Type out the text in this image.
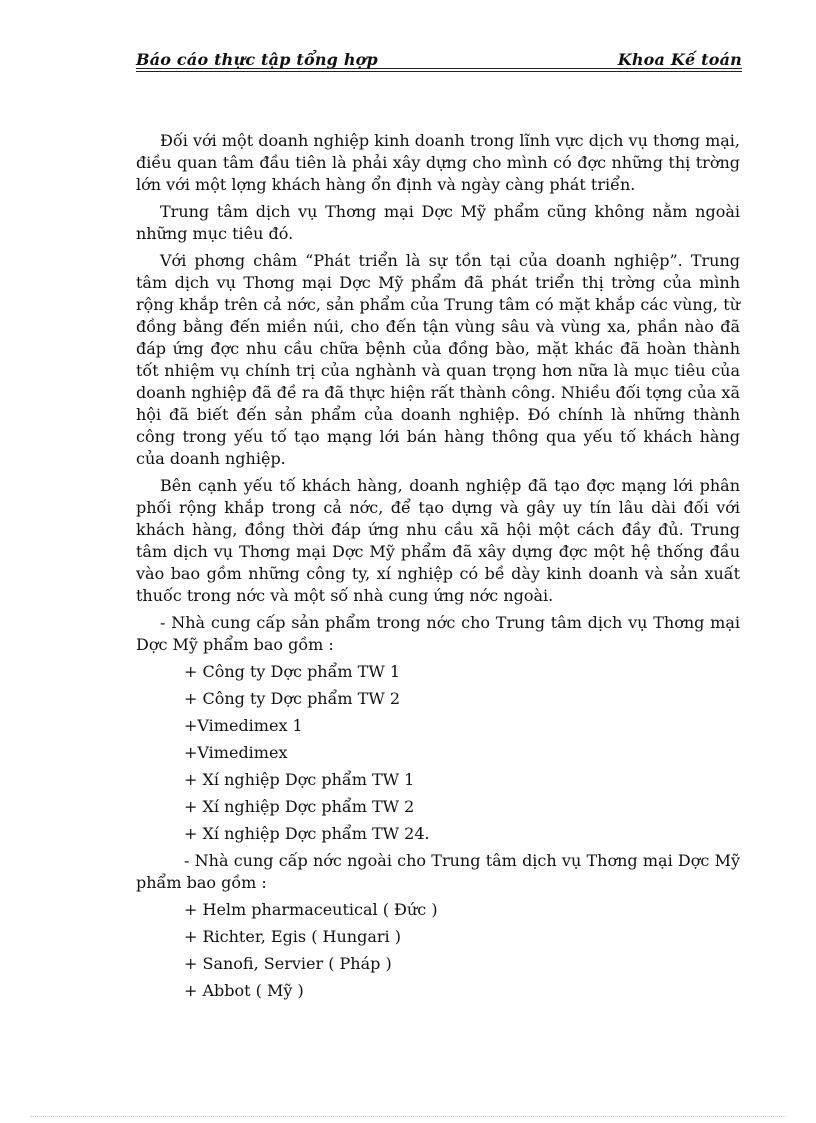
Báo cáo thực tập tổng hợp	Khoa Kế toán

Đối với một doanh nghiệp kinh doanh trong lĩnh vực dịch vụ thơng mại, điều quan tâm đầu tiên là phải xây dựng cho mình có đợc những thị trờng lớn với một lợng khách hàng ổn định và ngày càng phát triển.

Trung tâm dịch vụ Thơng mại Dợc Mỹ phẩm cũng không nằm ngoài những mục tiêu đó.

Với phơng châm “Phát triển là sự tồn tại của doanh nghiệp”. Trung tâm dịch vụ Thơng mại Dợc Mỹ phẩm đã phát triển thị trờng của mình rộng khắp trên cả nớc, sản phẩm của Trung tâm có mặt khắp các vùng, từ đồng bằng đến miền núi, cho đến tận vùng sâu và vùng xa, phần nào đã đáp ứng đợc nhu cầu chữa bệnh của đồng bào, mặt khác đã hoàn thành tốt nhiệm vụ chính trị của nghành và quan trọng hơn nữa là mục tiêu của doanh nghiệp đã đề ra đã thực hiện rất thành công. Nhiều đối tợng của xã hội đã biết đến sản phẩm của doanh nghiệp. Đó chính là những thành công trong yếu tố tạo mạng lới bán hàng thông qua yếu tố khách hàng của doanh nghiệp.

Bên cạnh yếu tố khách hàng, doanh nghiệp đã tạo đợc mạng lới phân phối rộng khắp trong cả nớc, để tạo dựng và gây uy tín lâu dài đối với khách hàng, đồng thời đáp ứng nhu cầu xã hội một cách đầy đủ. Trung tâm dịch vụ Thơng mại Dợc Mỹ phẩm đã xây dựng đợc một hệ thống đầu vào bao gồm những công ty, xí nghiệp có bề dày kinh doanh và sản xuất thuốc trong nớc và một số nhà cung ứng nớc ngoài.

- Nhà cung cấp sản phẩm trong nớc cho Trung tâm dịch vụ Thơng mại Dợc Mỹ phẩm bao gồm :

+ Công ty Dợc phẩm TW 1
+ Công ty Dợc phẩm TW 2
+Vimedimex 1
+Vimedimex
+ Xí nghiệp Dợc phẩm TW 1
+ Xí nghiệp Dợc phẩm TW 2
+ Xí nghiệp Dợc phẩm TW 24.

- Nhà cung cấp nớc ngoài cho Trung tâm dịch vụ Thơng mại Dợc Mỹ phẩm bao gồm :

+ Helm pharmaceutical ( Đức )
+ Richter, Egis ( Hungari )
+ Sanofi, Servier ( Pháp )
+ Abbot ( Mỹ )
